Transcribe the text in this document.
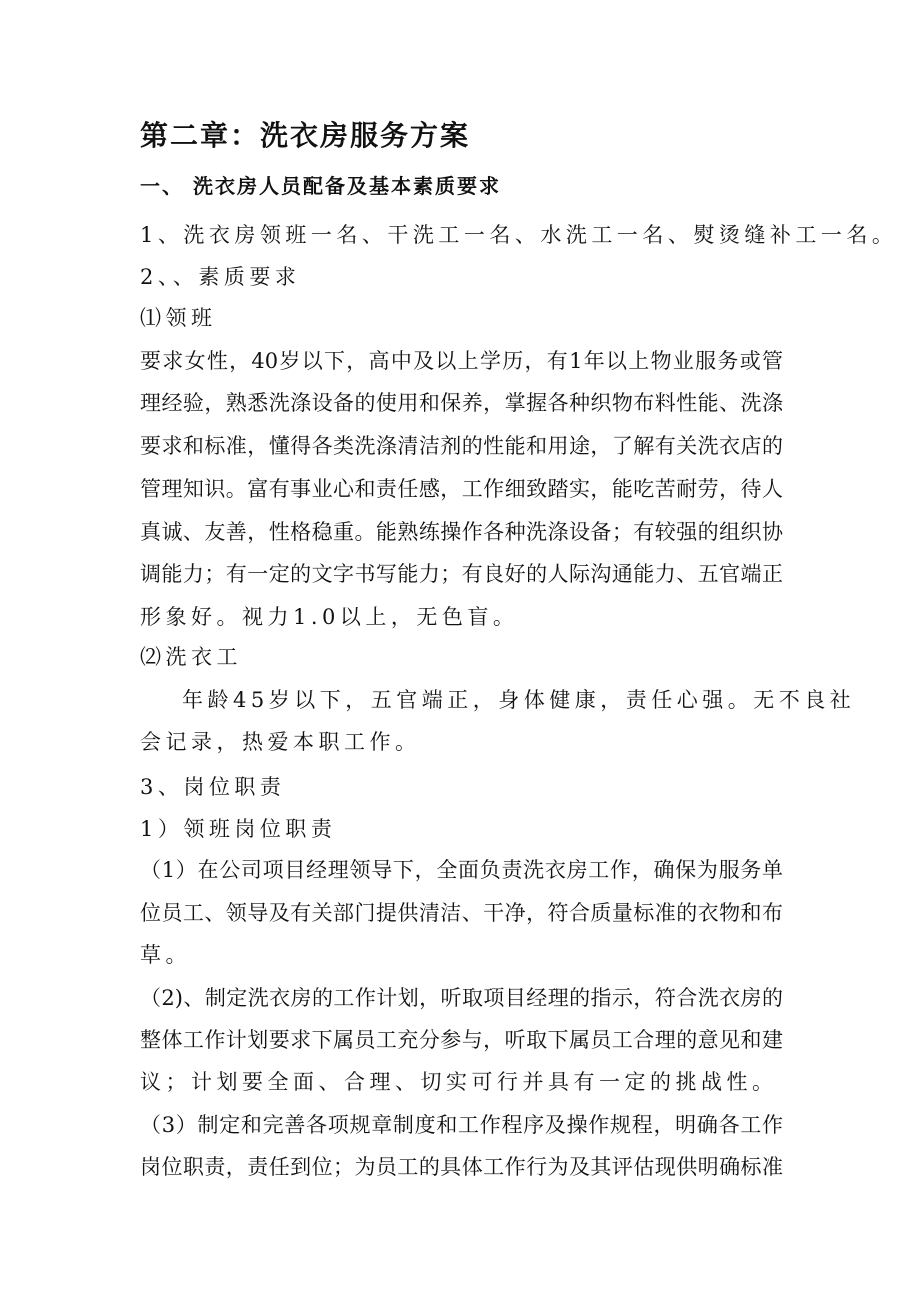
第二章：洗衣房服务方案
一、 洗衣房人员配备及基本素质要求
1、洗衣房领班一名、干洗工一名、水洗工一名、熨烫缝补工一名。
2、、素质要求
⑴领班
要求女性，40岁以下，高中及以上学历，有1年以上物业服务或管
理经验，熟悉洗涤设备的使用和保养，掌握各种织物布料性能、洗涤
要求和标准，懂得各类洗涤清洁剂的性能和用途，了解有关洗衣店的
管理知识。富有事业心和责任感，工作细致踏实，能吃苦耐劳，待人
真诚、友善，性格稳重。能熟练操作各种洗涤设备；有较强的组织协
调能力；有一定的文字书写能力；有良好的人际沟通能力、五官端正
形象好。视力1.0以上，无色盲。
⑵洗衣工
年龄45岁以下，五官端正，身体健康，责任心强。无不良社
会记录，热爱本职工作。
3、岗位职责
1）领班岗位职责
（1）在公司项目经理领导下，全面负责洗衣房工作，确保为服务单
位员工、领导及有关部门提供清洁、干净，符合质量标准的衣物和布
草。
（2)、制定洗衣房的工作计划，听取项目经理的指示，符合洗衣房的
整体工作计划要求下属员工充分参与，听取下属员工合理的意见和建
议；计划要全面、合理、切实可行并具有一定的挑战性。
（3）制定和完善各项规章制度和工作程序及操作规程，明确各工作
岗位职责，责任到位；为员工的具体工作行为及其评估现供明确标准
